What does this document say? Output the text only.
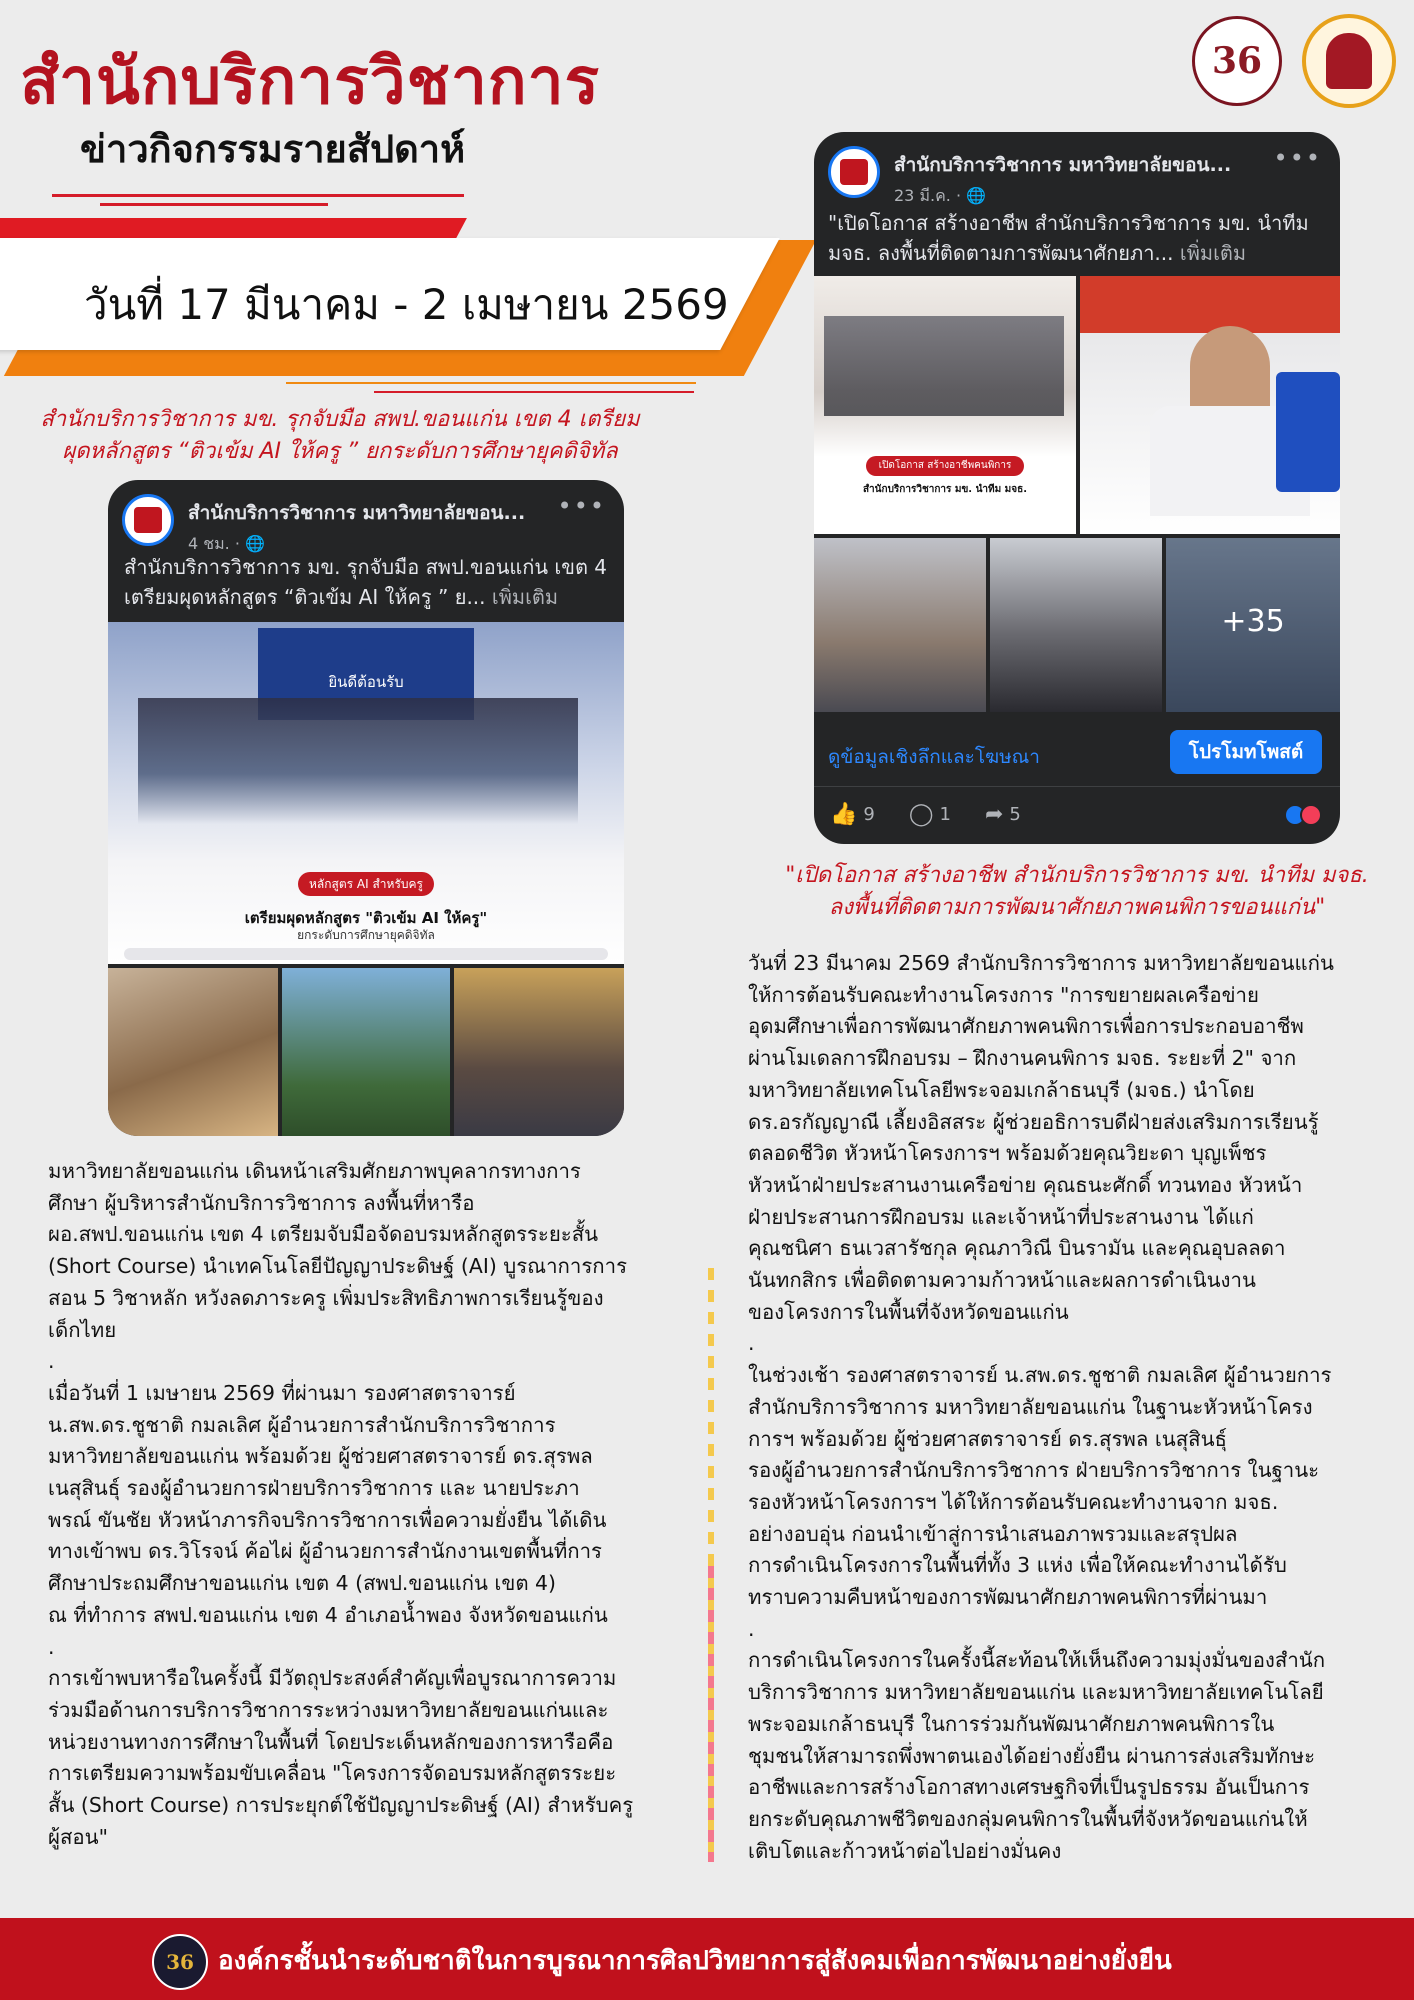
สำนักบริการวิชาการ
ข่าวกิจกรรมรายสัปดาห์
36
วันที่ 17 มีนาคม - 2 เมษายน 2569
สำนักบริการวิชาการ มข. รุกจับมือ สพป.ขอนแก่น เขต 4 เตรียมผุดหลักสูตร “ติวเข้ม AI ให้ครู ” ยกระดับการศึกษายุคดิจิทัล
สำนักบริการวิชาการ มหาวิทยาลัยขอน...
4 ชม. · 🌐
•••
สำนักบริการวิชาการ มข. รุกจับมือ สพป.ขอนแก่น เขต 4 เตรียมผุดหลักสูตร “ติวเข้ม AI ให้ครู ” ย... เพิ่มเติม
ยินดีต้อนรับ
หลักสูตร AI สำหรับครู
เตรียมผุดหลักสูตร "ติวเข้ม AI ให้ครู"
ยกระดับการศึกษายุคดิจิทัล
สำนักบริการวิชาการ มหาวิทยาลัยขอน...
23 มี.ค. · 🌐
•••
"เปิดโอกาส สร้างอาชีพ สำนักบริการวิชาการ มข. นำทีม มจธ. ลงพื้นที่ติดตามการพัฒนาศักยภา... เพิ่มเติม
เปิดโอกาส สร้างอาชีพคนพิการ
สำนักบริการวิชาการ มข. นำทีม มจธ.
+35
ดูข้อมูลเชิงลึกและโฆษณา	โปรโมทโพสต์
👍 9 ◯ 1 ➦ 5
"เปิดโอกาส สร้างอาชีพ สำนักบริการวิชาการ มข. นำทีม มจธ. ลงพื้นที่ติดตามการพัฒนาศักยภาพคนพิการขอนแก่น"
มหาวิทยาลัยขอนแก่น เดินหน้าเสริมศักยภาพบุคลากรทางการ
ศึกษา ผู้บริหารสำนักบริการวิชาการ ลงพื้นที่หารือ
ผอ.สพป.ขอนแก่น เขต 4 เตรียมจับมือจัดอบรมหลักสูตรระยะสั้น
(Short Course) นำเทคโนโลยีปัญญาประดิษฐ์ (AI) บูรณาการการ
สอน 5 วิชาหลัก หวังลดภาระครู เพิ่มประสิทธิภาพการเรียนรู้ของ
เด็กไทย
.
เมื่อวันที่ 1 เมษายน 2569 ที่ผ่านมา รองศาสตราจารย์
น.สพ.ดร.ชูชาติ กมลเลิศ ผู้อำนวยการสำนักบริการวิชาการ
มหาวิทยาลัยขอนแก่น พร้อมด้วย ผู้ช่วยศาสตราจารย์ ดร.สุรพล
เนสุสินธุ์ รองผู้อำนวยการฝ่ายบริการวิชาการ และ นายประภา
พรณ์ ขันชัย หัวหน้าภารกิจบริการวิชาการเพื่อความยั่งยืน ได้เดิน
ทางเข้าพบ ดร.วิโรจน์ ค้อไผ่ ผู้อำนวยการสำนักงานเขตพื้นที่การ
ศึกษาประถมศึกษาขอนแก่น เขต 4 (สพป.ขอนแก่น เขต 4)
ณ ที่ทำการ สพป.ขอนแก่น เขต 4 อำเภอน้ำพอง จังหวัดขอนแก่น
.
การเข้าพบหารือในครั้งนี้ มีวัตถุประสงค์สำคัญเพื่อบูรณาการความ
ร่วมมือด้านการบริการวิชาการระหว่างมหาวิทยาลัยขอนแก่นและ
หน่วยงานทางการศึกษาในพื้นที่ โดยประเด็นหลักของการหารือคือ
การเตรียมความพร้อมขับเคลื่อน "โครงการจัดอบรมหลักสูตรระยะ
สั้น (Short Course) การประยุกต์ใช้ปัญญาประดิษฐ์ (AI) สำหรับครู
ผู้สอน"
วันที่ 23 มีนาคม 2569 สำนักบริการวิชาการ มหาวิทยาลัยขอนแก่น
ให้การต้อนรับคณะทำงานโครงการ "การขยายผลเครือข่าย
อุดมศึกษาเพื่อการพัฒนาศักยภาพคนพิการเพื่อการประกอบอาชีพ
ผ่านโมเดลการฝึกอบรม – ฝึกงานคนพิการ มจธ. ระยะที่ 2" จาก
มหาวิทยาลัยเทคโนโลยีพระจอมเกล้าธนบุรี (มจธ.) นำโดย
ดร.อรกัญญาณี เลี้ยงอิสสระ ผู้ช่วยอธิการบดีฝ่ายส่งเสริมการเรียนรู้
ตลอดชีวิต หัวหน้าโครงการฯ พร้อมด้วยคุณวิยะดา บุญเพ็ชร
หัวหน้าฝ่ายประสานงานเครือข่าย คุณธนะศักดิ์ ทวนทอง หัวหน้า
ฝ่ายประสานการฝึกอบรม และเจ้าหน้าที่ประสานงาน ได้แก่
คุณชนิศา ธนเวสารัชกุล คุณภาวิณี บินรามัน และคุณอุบลลดา
นันทกสิกร เพื่อติดตามความก้าวหน้าและผลการดำเนินงาน
ของโครงการในพื้นที่จังหวัดขอนแก่น
.
ในช่วงเช้า รองศาสตราจารย์ น.สพ.ดร.ชูชาติ กมลเลิศ ผู้อำนวยการ
สำนักบริการวิชาการ มหาวิทยาลัยขอนแก่น ในฐานะหัวหน้าโครง
การฯ พร้อมด้วย ผู้ช่วยศาสตราจารย์ ดร.สุรพล เนสุสินธุ์
รองผู้อำนวยการสำนักบริการวิชาการ ฝ่ายบริการวิชาการ ในฐานะ
รองหัวหน้าโครงการฯ ได้ให้การต้อนรับคณะทำงานจาก มจธ.
อย่างอบอุ่น ก่อนนำเข้าสู่การนำเสนอภาพรวมและสรุปผล
การดำเนินโครงการในพื้นที่ทั้ง 3 แห่ง เพื่อให้คณะทำงานได้รับ
ทราบความคืบหน้าของการพัฒนาศักยภาพคนพิการที่ผ่านมา
.
การดำเนินโครงการในครั้งนี้สะท้อนให้เห็นถึงความมุ่งมั่นของสำนัก
บริการวิชาการ มหาวิทยาลัยขอนแก่น และมหาวิทยาลัยเทคโนโลยี
พระจอมเกล้าธนบุรี ในการร่วมกันพัฒนาศักยภาพคนพิการใน
ชุมชนให้สามารถพึ่งพาตนเองได้อย่างยั่งยืน ผ่านการส่งเสริมทักษะ
อาชีพและการสร้างโอกาสทางเศรษฐกิจที่เป็นรูปธรรม อันเป็นการ
ยกระดับคุณภาพชีวิตของกลุ่มคนพิการในพื้นที่จังหวัดขอนแก่นให้
เติบโตและก้าวหน้าต่อไปอย่างมั่นคง
36 องค์กรชั้นนำระดับชาติในการบูรณาการศิลปวิทยาการสู่สังคมเพื่อการพัฒนาอย่างยั่งยืน
